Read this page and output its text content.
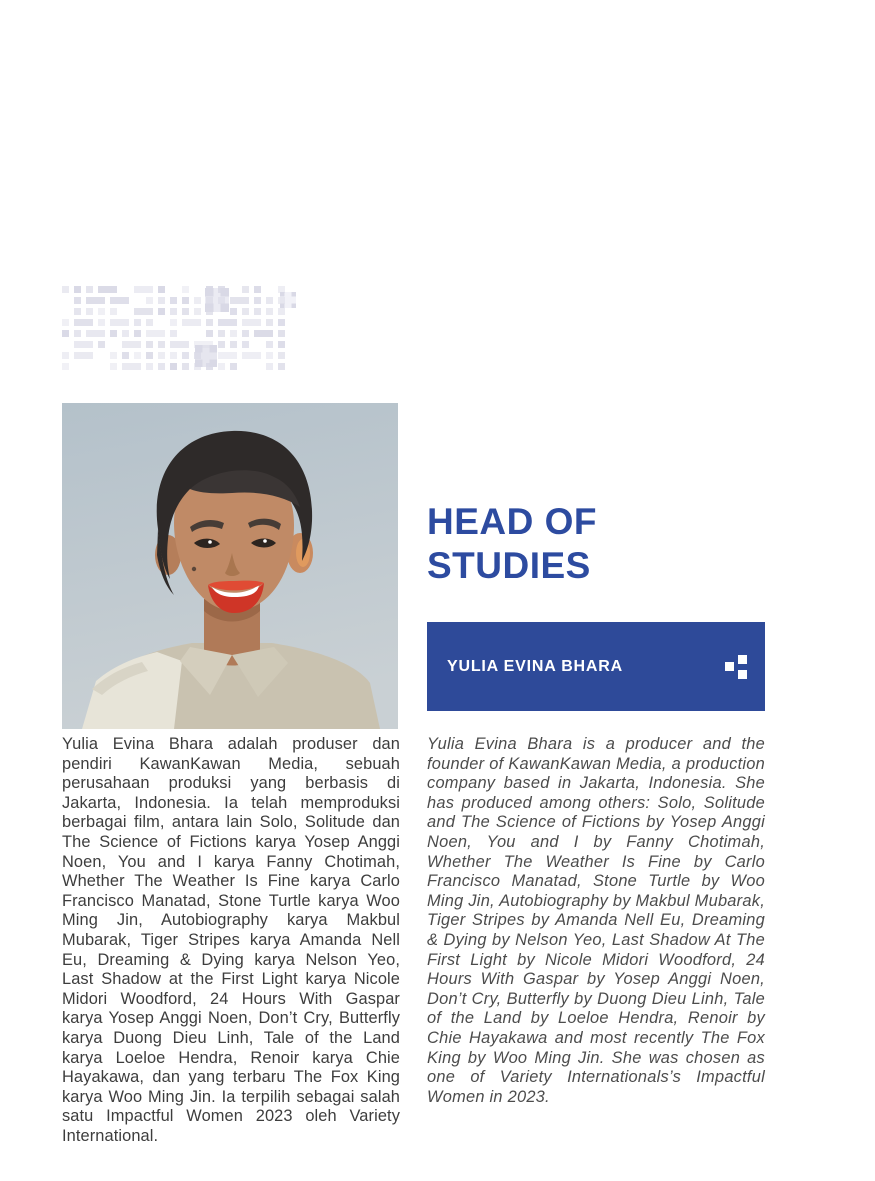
HEAD OF
STUDIES
YULIA EVINA BHARA

Yulia Evina Bhara adalah produser dan pendiri KawanKawan Media, sebuah perusahaan produksi yang berbasis di Jakarta, Indonesia. Ia telah memproduksi berbagai film, antara lain Solo, Solitude dan The Science of Fictions karya Yosep Anggi Noen, You and I karya Fanny Chotimah, Whether The Weather Is Fine karya Carlo Francisco Manatad, Stone Turtle karya Woo Ming Jin, Autobiography karya Makbul Mubarak, Tiger Stripes karya Amanda Nell Eu, Dreaming & Dying karya Nelson Yeo, Last Shadow at the First Light karya Nicole Midori Woodford, 24 Hours With Gaspar karya Yosep Anggi Noen, Don’t Cry, Butterfly karya Duong Dieu Linh, Tale of the Land karya Loeloe Hendra, Renoir karya Chie Hayakawa, dan yang terbaru The Fox King karya Woo Ming Jin. Ia terpilih sebagai salah satu Impactful Women 2023 oleh Variety International.

Yulia Evina Bhara is a producer and the founder of KawanKawan Media, a production company based in Jakarta, Indonesia. She has produced among others: Solo, Solitude and The Science of Fictions by Yosep Anggi Noen, You and I by Fanny Chotimah, Whether The Weather Is Fine by Carlo Francisco Manatad, Stone Turtle by Woo Ming Jin, Autobiography by Makbul Mubarak, Tiger Stripes by Amanda Nell Eu, Dreaming & Dying by Nelson Yeo, Last Shadow At The First Light by Nicole Midori Woodford, 24 Hours With Gaspar by Yosep Anggi Noen, Don’t Cry, Butterfly by Duong Dieu Linh, Tale of the Land by Loeloe Hendra, Renoir by Chie Hayakawa and most recently The Fox King by Woo Ming Jin. She was chosen as one of Variety Internationals’s Impactful Women in 2023.
